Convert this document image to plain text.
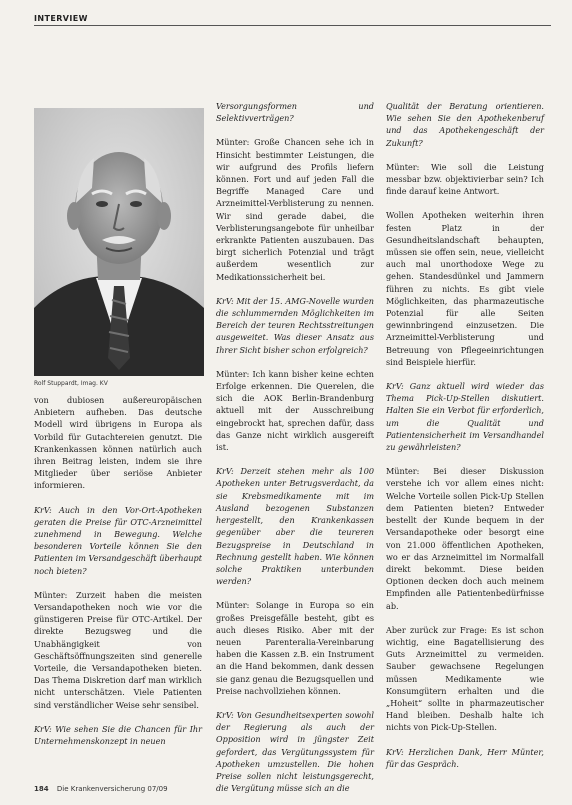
INTERVIEW
Rolf Stuppardt, Imag. KV

von dubiosen außereuropäischen Anbietern aufheben. Das deutsche Modell wird übrigens in Europa als Vorbild für Gutachtereien genutzt. Die Krankenkassen können natürlich auch ihren Beitrag leisten, indem sie ihre Mitglieder über seriöse Anbieter informieren.

KrV: Auch in den Vor-Ort-Apotheken geraten die Preise für OTC-Arzneimittel zunehmend in Bewegung. Welche besonderen Vorteile können Sie den Patienten im Versandgeschäft überhaupt noch bieten?

Münter: Zurzeit haben die meisten Versandapotheken noch wie vor die günstigeren Preise für OTC-Artikel. Der direkte Bezugsweg und die Unabhängigkeit von Geschäftsöffnungszeiten sind generelle Vorteile, die Versandapotheken bieten. Das Thema Diskretion darf man wirklich nicht unterschätzen. Viele Patienten sind verständlicher Weise sehr sensibel.

KrV: Wie sehen Sie die Chancen für Ihr Unternehmenskonzept in neuen

Versorgungsformen und Selektivverträgen?

Münter: Große Chancen sehe ich in Hinsicht bestimmter Leistungen, die wir aufgrund des Profils liefern können. Fort und auf jeden Fall die Begriffe Managed Care und Arzneimittel-Verblisterung zu nennen. Wir sind gerade dabei, die Verblisterungsangebote für unheilbar erkrankte Patienten auszubauen. Das birgt sicherlich Potenzial und trägt außerdem wesentlich zur Medikationssicherheit bei.

KrV: Mit der 15. AMG-Novelle wurden die schlummernden Möglichkeiten im Bereich der teuren Rechtsstreitungen ausgeweitet. Was dieser Ansatz aus Ihrer Sicht bisher schon erfolgreich?

Münter: Ich kann bisher keine echten Erfolge erkennen. Die Querelen, die sich die AOK Berlin-Brandenburg aktuell mit der Ausschreibung eingebrockt hat, sprechen dafür, dass das Ganze nicht wirklich ausgereift ist.

KrV: Derzeit stehen mehr als 100 Apotheken unter Betrugsverdacht, da sie Krebsmedikamente mit im Ausland bezogenen Substanzen hergestellt, den Krankenkassen gegenüber aber die teureren Bezugspreise in Deutschland in Rechnung gestellt haben. Wie können solche Praktiken unterbunden werden?

Münter: Solange in Europa so ein großes Preisgefälle besteht, gibt es auch dieses Risiko. Aber mit der neuen Parenteralia-Vereinbarung haben die Kassen z.B. ein Instrument an die Hand bekommen, dank dessen sie ganz genau die Bezugsquellen und Preise nachvollziehen können.

KrV: Von Gesundheitsexperten sowohl der Regierung als auch der Opposition wird in jüngster Zeit gefordert, das Vergütungssystem für Apotheken umzustellen. Die hohen Preise sollen nicht leistungsgerecht, die Vergütung müsse sich an die

Qualität der Beratung orientieren. Wie sehen Sie den Apothekenberuf und das Apothekengeschäft der Zukunft?

Münter: Wie soll die Leistung messbar bzw. objektivierbar sein? Ich finde darauf keine Antwort.

Wollen Apotheken weiterhin ihren festen Platz in der Gesundheitslandschaft behaupten, müssen sie offen sein, neue, vielleicht auch mal unorthodoxe Wege zu gehen. Standesdünkel und Jammern führen zu nichts. Es gibt viele Möglichkeiten, das pharmazeutische Potenzial für alle Seiten gewinnbringend einzusetzen. Die Arzneimittel-Verblisterung und Betreuung von Pflegeeinrichtungen sind Beispiele hierfür.

KrV: Ganz aktuell wird wieder das Thema Pick-Up-Stellen diskutiert. Halten Sie ein Verbot für erforderlich, um die Qualität und Patientensicherheit im Versandhandel zu gewährleisten?

Münter: Bei dieser Diskussion verstehe ich vor allem eines nicht: Welche Vorteile sollen Pick-Up Stellen dem Patienten bieten? Entweder bestellt der Kunde bequem in der Versandapotheke oder besorgt eine von 21.000 öffentlichen Apotheken, wo er das Arzneimittel im Normalfall direkt bekommt. Diese beiden Optionen decken doch auch meinem Empfinden alle Patientenbedürfnisse ab.

Aber zurück zur Frage: Es ist schon wichtig, eine Bagatellisierung des Guts Arzneimittel zu vermeiden. Sauber gewachsene Regelungen müssen Medikamente wie Konsumgütern erhalten und die „Hoheit“ sollte in pharmazeutischer Hand bleiben. Deshalb halte ich nichts von Pick-Up-Stellen.

KrV: Herzlichen Dank, Herr Münter, für das Gespräch.

184 Die Krankenversicherung 07/09
